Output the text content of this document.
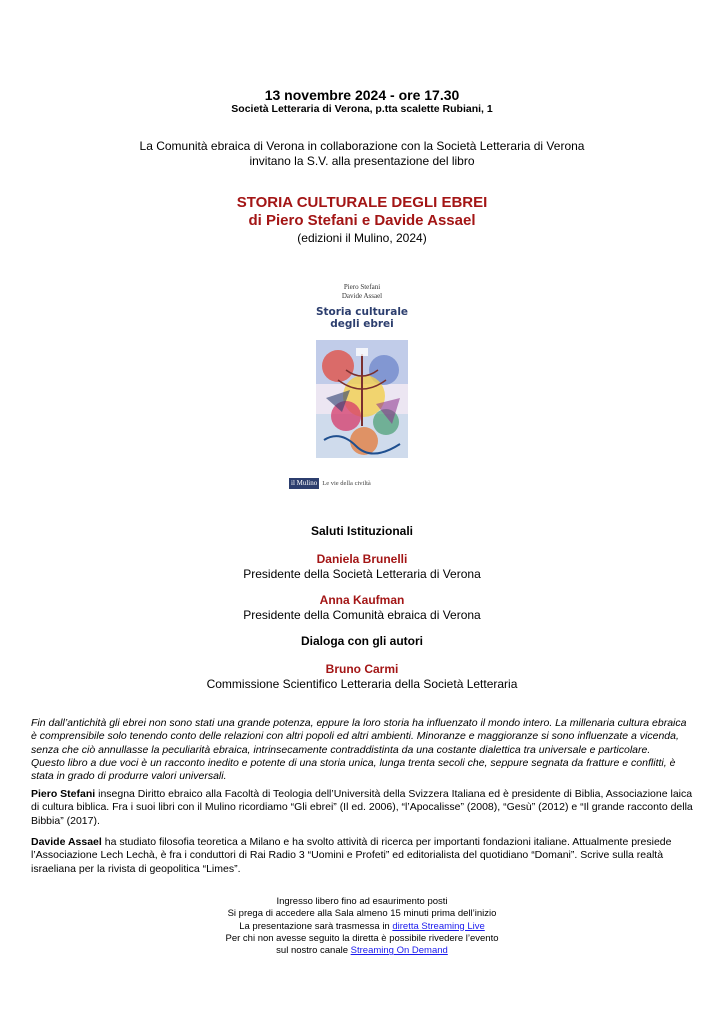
13 novembre 2024 - ore 17.30
Società Letteraria di Verona, p.tta scalette Rubiani, 1
La Comunità ebraica di Verona in collaborazione con la Società Letteraria di Verona
invitano la S.V. alla presentazione del libro
STORIA CULTURALE DEGLI EBREI
di Piero Stefani e Davide Assael
(edizioni il Mulino, 2024)
Piero Stefani
Davide Assael
Storia culturale
degli ebrei
il Mulino Le vie della civiltà
Saluti Istituzionali
Daniela Brunelli
Presidente della Società Letteraria di Verona
Anna Kaufman
Presidente della Comunità ebraica di Verona
Dialoga con gli autori
Bruno Carmi
Commissione Scientifico Letteraria della Società Letteraria
Fin dall’antichità gli ebrei non sono stati una grande potenza, eppure la loro storia ha influenzato il mondo intero. La millenaria cultura ebraica è comprensibile solo tenendo conto delle relazioni con altri popoli ed altri ambienti. Minoranze e maggioranze si sono influenzate a vicenda, senza che ciò annullasse la peculiarità ebraica, intrinsecamente contraddistinta da una costante dialettica tra universale e particolare.
Questo libro a due voci è un racconto inedito e potente di una storia unica, lunga trenta secoli che, seppure segnata da fratture e conflitti, è stata in grado di produrre valori universali.
Piero Stefani insegna Diritto ebraico alla Facoltà di Teologia dell’Università della Svizzera Italiana ed è presidente di Biblia, Associazione laica di cultura biblica. Fra i suoi libri con il Mulino ricordiamo “Gli ebrei” (Il ed. 2006), “l’Apocalisse” (2008), “Gesù” (2012) e “Il grande racconto della Bibbia” (2017).
Davide Assael ha studiato filosofia teoretica a Milano e ha svolto attività di ricerca per importanti fondazioni italiane. Attualmente presiede l’Associazione Lech Lechà, è fra i conduttori di Rai Radio 3 “Uomini e Profeti” ed editorialista del quotidiano “Domani”. Scrive sulla realtà israeliana per la rivista di geopolitica “Limes”.
Ingresso libero fino ad esaurimento posti
Si prega di accedere alla Sala almeno 15 minuti prima dell’inizio
La presentazione sarà trasmessa in diretta Streaming Live
Per chi non avesse seguito la diretta è possibile rivedere l’evento
sul nostro canale Streaming On Demand
